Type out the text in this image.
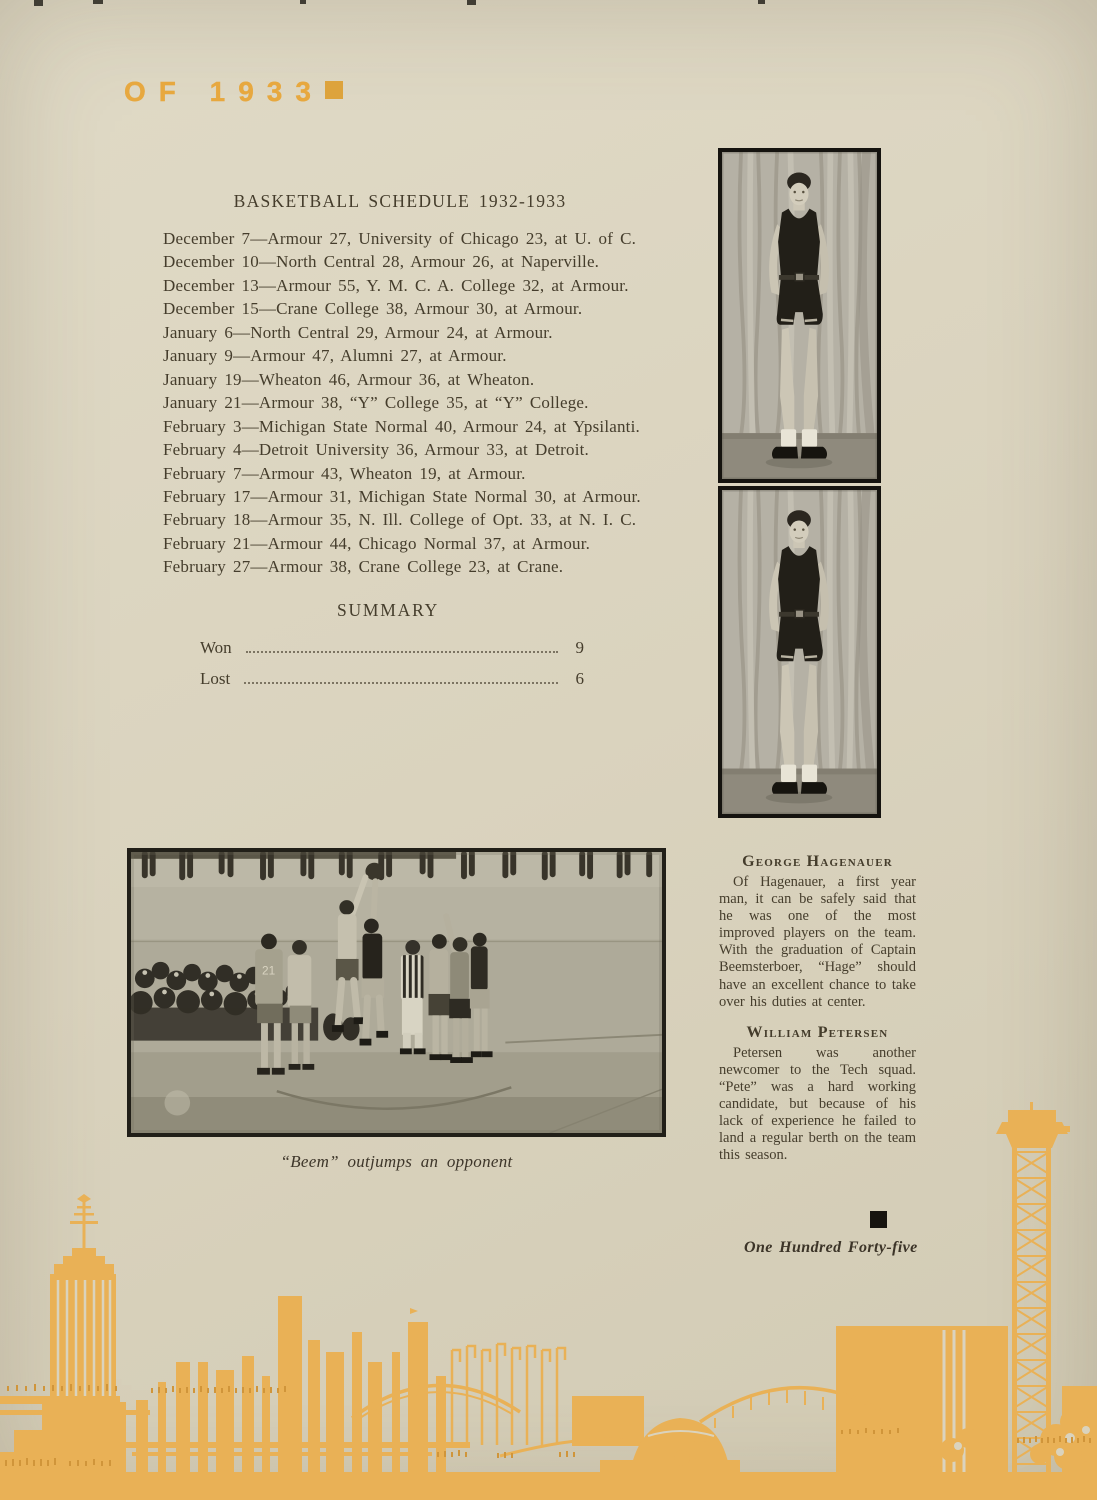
OF 1933
BASKETBALL SCHEDULE 1932-1933
December 7—Armour 27, University of Chicago 23, at U. of C.
December 10—North Central 28, Armour 26, at Naperville.
December 13—Armour 55, Y. M. C. A. College 32, at Armour.
December 15—Crane College 38, Armour 30, at Armour.
January 6—North Central 29, Armour 24, at Armour.
January 9—Armour 47, Alumni 27, at Armour.
January 19—Wheaton 46, Armour 36, at Wheaton.
January 21—Armour 38, “Y” College 35, at “Y” College.
February 3—Michigan State Normal 40, Armour 24, at Ypsilanti.
February 4—Detroit University 36, Armour 33, at Detroit.
February 7—Armour 43, Wheaton 19, at Armour.
February 17—Armour 31, Michigan State Normal 30, at Armour.
February 18—Armour 35, N. Ill. College of Opt. 33, at N. I. C.
February 21—Armour 44, Chicago Normal 37, at Armour.
February 27—Armour 38, Crane College 23, at Crane.
SUMMARY
Won	9
Lost	6
21
“Beem” outjumps an opponent
George Hagenauer

Of Hagenauer, a first year man, it can be safely said that he was one of the most improved players on the team. With the graduation of Captain Beemsterboer, “Hage” should have an excellent chance to take over his duties at center.

William Petersen

Petersen was another newcomer to the Tech squad. “Pete” was a hard working candidate, but because of his lack of experience he failed to land a regular berth on the team this season.

One Hundred Forty-five
